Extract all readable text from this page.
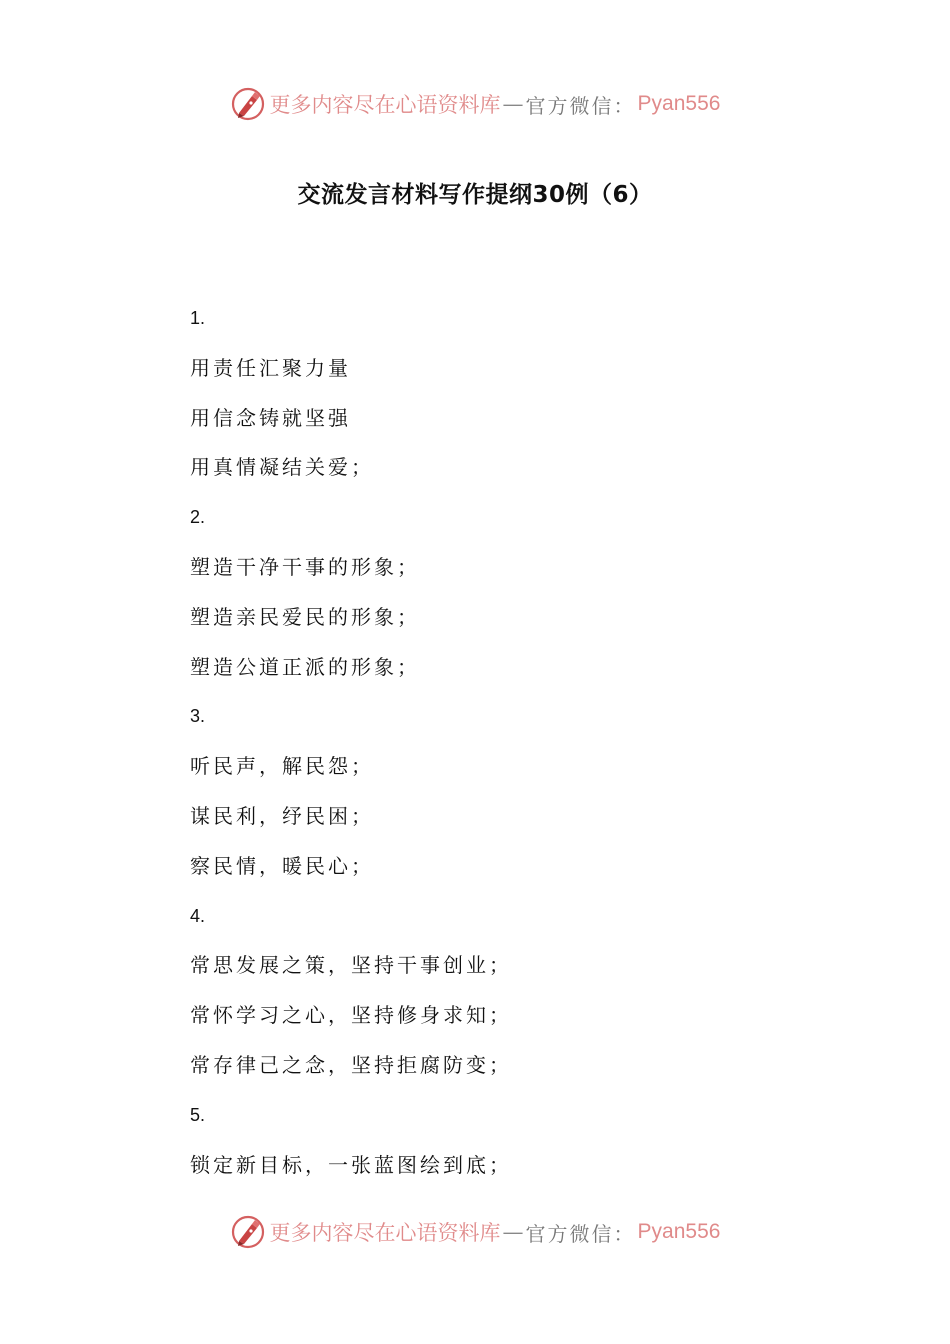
更多内容尽在心语资料库 — 官方微信： Pyan556
交流发言材料写作提纲30例（6）
1.
用责任汇聚力量
用信念铸就坚强
用真情凝结关爱；
2.
塑造干净干事的形象；
塑造亲民爱民的形象；
塑造公道正派的形象；
3.
听民声，解民怨；
谋民利，纾民困；
察民情，暖民心；
4.
常思发展之策，坚持干事创业；
常怀学习之心，坚持修身求知；
常存律己之念，坚持拒腐防变；
5.
锁定新目标，一张蓝图绘到底；
更多内容尽在心语资料库 — 官方微信： Pyan556
